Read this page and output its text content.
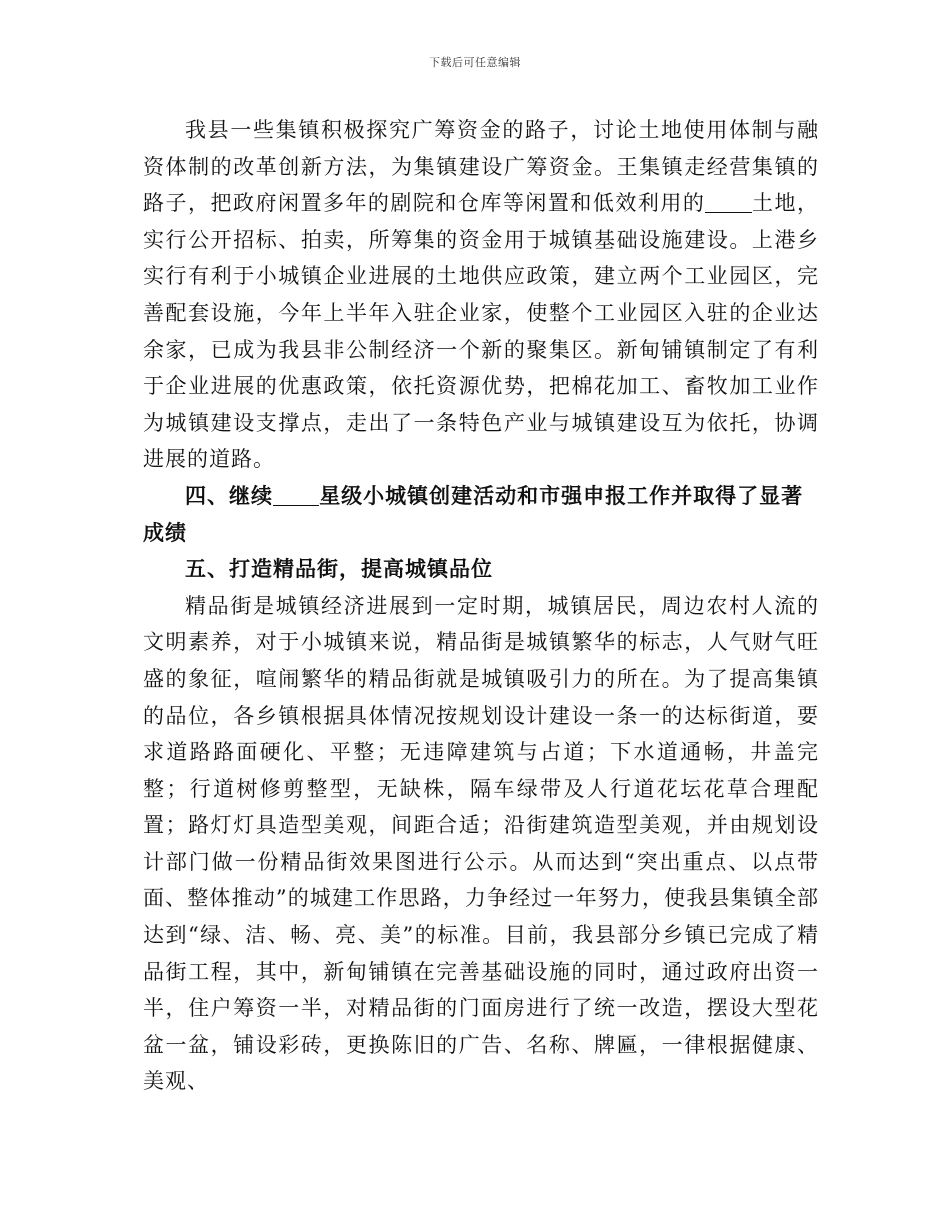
下载后可任意编辑

我县一些集镇积极探究广筹资金的路子，讨论土地使用体制与融资体制的改革创新方法，为集镇建设广筹资金。王集镇走经营集镇的路子，把政府闲置多年的剧院和仓库等闲置和低效利用的 土地，实行公开招标、拍卖，所筹集的资金用于城镇基础设施建设。上港乡实行有利于小城镇企业进展的土地供应政策，建立两个工业园区，完善配套设施，今年上半年入驻企业家，使整个工业园区入驻的企业达余家，已成为我县非公制经济一个新的聚集区。新甸铺镇制定了有利于企业进展的优惠政策，依托资源优势，把棉花加工、畜牧加工业作为城镇建设支撑点，走出了一条特色产业与城镇建设互为依托，协调进展的道路。

四、继续 星级小城镇创建活动和市强申报工作并取得了显著成绩

五、打造精品街，提高城镇品位

精品街是城镇经济进展到一定时期，城镇居民，周边农村人流的文明素养，对于小城镇来说，精品街是城镇繁华的标志，人气财气旺盛的象征，喧闹繁华的精品街就是城镇吸引力的所在。为了提高集镇的品位，各乡镇根据具体情况按规划设计建设一条一的达标街道，要求道路路面硬化、平整；无违障建筑与占道；下水道通畅，井盖完整；行道树修剪整型，无缺株，隔车绿带及人行道花坛花草合理配置；路灯灯具造型美观，间距合适；沿街建筑造型美观，并由规划设计部门做一份精品街效果图进行公示。从而达到“突出重点、以点带面、整体推动”的城建工作思路，力争经过一年努力，使我县集镇全部达到“绿、洁、畅、亮、美”的标准。目前，我县部分乡镇已完成了精品街工程，其中，新甸铺镇在完善基础设施的同时，通过政府出资一半，住户筹资一半，对精品街的门面房进行了统一改造，摆设大型花盆一盆，铺设彩砖，更换陈旧的广告、名称、牌匾，一律根据健康、美观、
